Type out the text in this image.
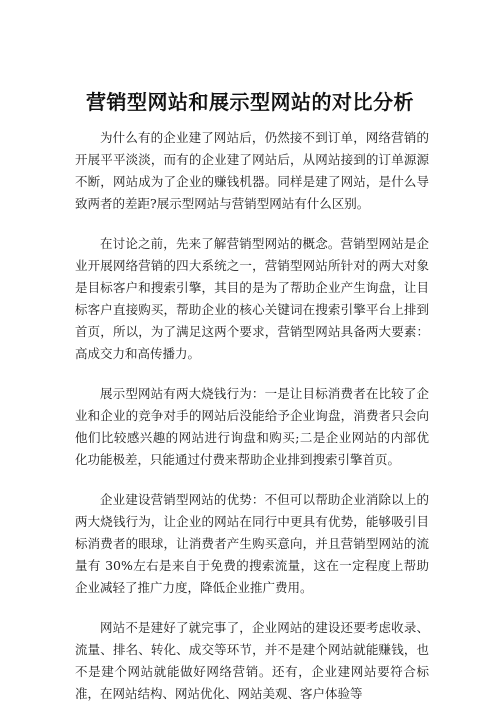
营销型网站和展示型网站的对比分析

为什么有的企业建了网站后，仍然接不到订单，网络营销的开展平平淡淡，而有的企业建了网站后，从网站接到的订单源源不断，网站成为了企业的赚钱机器。同样是建了网站，是什么导致两者的差距?展示型网站与营销型网站有什么区别。

在讨论之前，先来了解营销型网站的概念。营销型网站是企业开展网络营销的四大系统之一，营销型网站所针对的两大对象是目标客户和搜索引擎，其目的是为了帮助企业产生询盘，让目标客户直接购买，帮助企业的核心关键词在搜索引擎平台上排到首页，所以，为了满足这两个要求，营销型网站具备两大要素：高成交力和高传播力。

展示型网站有两大烧钱行为：一是让目标消费者在比较了企业和企业的竞争对手的网站后没能给予企业询盘，消费者只会向他们比较感兴趣的网站进行询盘和购买;二是企业网站的内部优化功能极差，只能通过付费来帮助企业排到搜索引擎首页。

企业建设营销型网站的优势：不但可以帮助企业消除以上的两大烧钱行为，让企业的网站在同行中更具有优势，能够吸引目标消费者的眼球，让消费者产生购买意向，并且营销型网站的流量有 30%左右是来自于免费的搜索流量，这在一定程度上帮助企业减轻了推广力度，降低企业推广费用。

网站不是建好了就完事了，企业网站的建设还要考虑收录、流量、排名、转化、成交等环节，并不是建个网站就能赚钱，也不是建个网站就能做好网络营销。还有，企业建网站要符合标准，在网站结构、网站优化、网站美观、客户体验等
